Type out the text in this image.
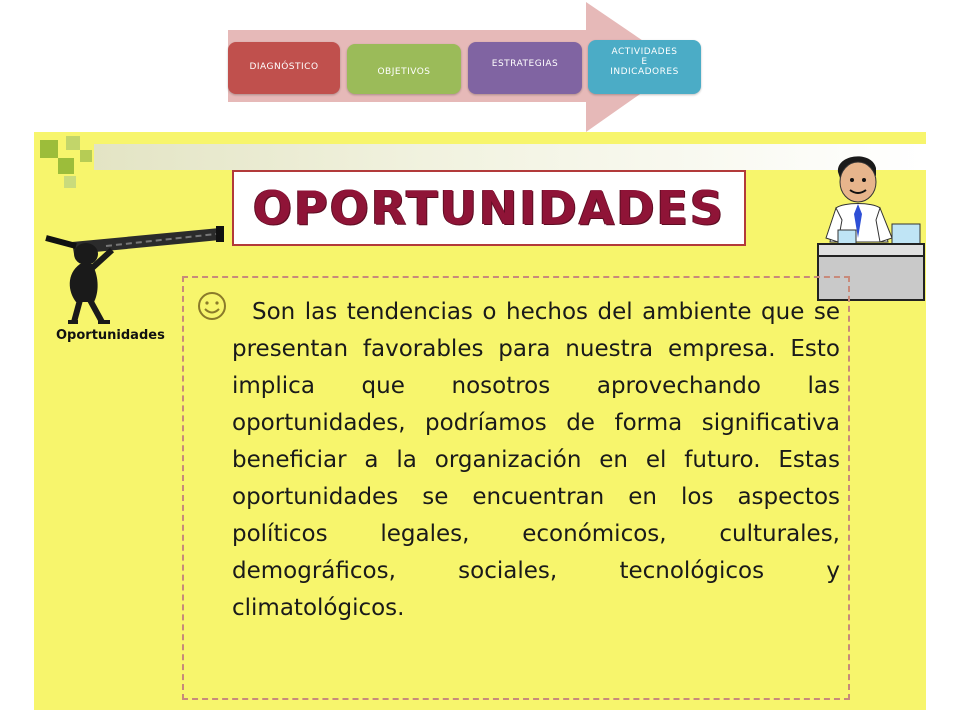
DIAGNÓSTICO	OBJETIVOS
ESTRATEGIAS
ACTIVIDADES
E
INDICADORES
OPORTUNIDADES
Oportunidades

Son las tendencias o hechos del ambiente que se presentan favorables para nuestra empresa. Esto implica que nosotros aprovechando las oportunidades, podríamos de forma significativa beneficiar a la organización en el futuro. Estas oportunidades se encuentran en los aspectos políticos legales, económicos, culturales, demográficos, sociales, tecnológicos y climatológicos.
